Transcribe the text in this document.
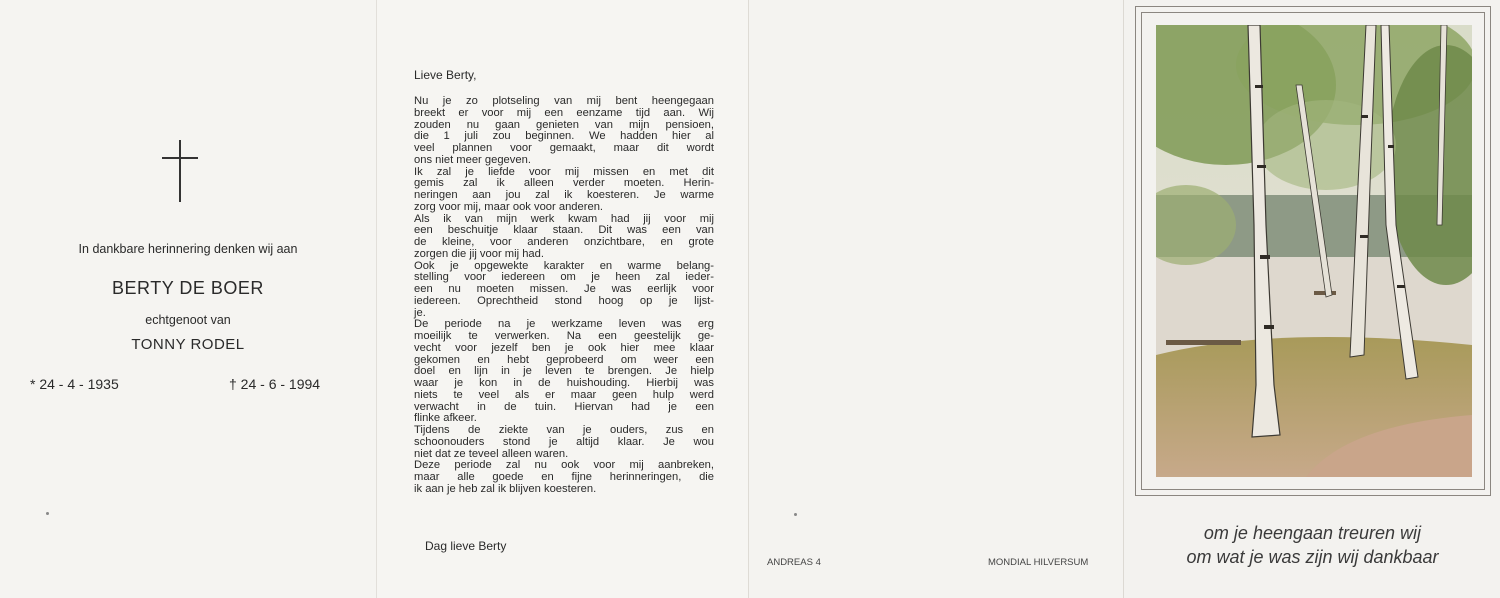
In dankbare herinnering denken wij aan
BERTY DE BOER
echtgenoot van
TONNY RODEL
* 24 - 4 - 1935	† 24 - 6 - 1994
Lieve Berty,
Nu je zo plotseling van mij bent heengegaan
breekt er voor mij een eenzame tijd aan. Wij
zouden nu gaan genieten van mijn pensioen,
die 1 juli zou beginnen. We hadden hier al
veel plannen voor gemaakt, maar dit wordt
ons niet meer gegeven.
Ik zal je liefde voor mij missen en met dit
gemis zal ik alleen verder moeten. Herin-
neringen aan jou zal ik koesteren. Je warme
zorg voor mij, maar ook voor anderen.
Als ik van mijn werk kwam had jij voor mij
een beschuitje klaar staan. Dit was een van
de kleine, voor anderen onzichtbare, en grote
zorgen die jij voor mij had.
Ook je opgewekte karakter en warme belang-
stelling voor iedereen om je heen zal ieder-
een nu moeten missen. Je was eerlijk voor
iedereen. Oprechtheid stond hoog op je lijst-
je.
De periode na je werkzame leven was erg
moeilijk te verwerken. Na een geestelijk ge-
vecht voor jezelf ben je ook hier mee klaar
gekomen en hebt geprobeerd om weer een
doel en lijn in je leven te brengen. Je hielp
waar je kon in de huishouding. Hierbij was
niets te veel als er maar geen hulp werd
verwacht in de tuin. Hiervan had je een
flinke afkeer.
Tijdens de ziekte van je ouders, zus en
schoonouders stond je altijd klaar. Je wou
niet dat ze teveel alleen waren.
Deze periode zal nu ook voor mij aanbreken,
maar alle goede en fijne herinneringen, die
ik aan je heb zal ik blijven koesteren.
Dag lieve Berty
ANDREAS 4	MONDIAL HILVERSUM
om je heengaan treuren wij
om wat je was zijn wij dankbaar
